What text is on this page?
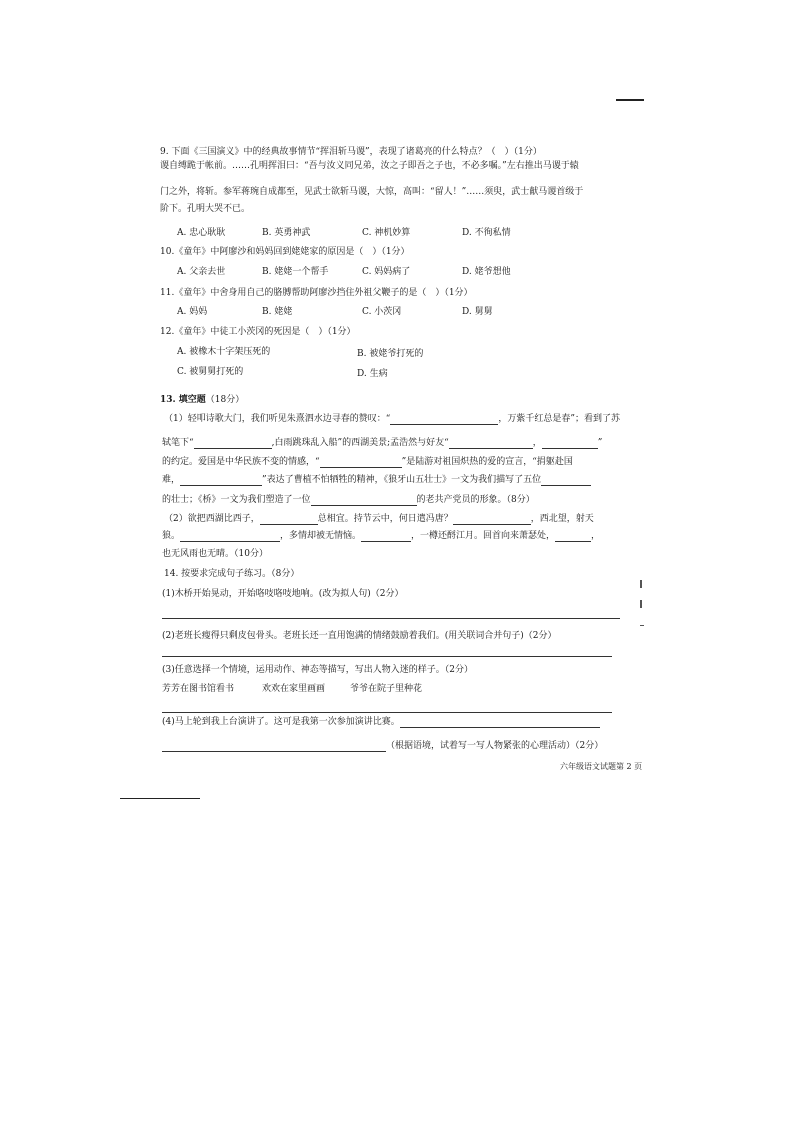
9. 下面《三国演义》中的经典故事情节“挥泪斩马谡”，表现了诸葛亮的什么特点？（　）（1分）
谡自缚跪于帐前。……孔明挥泪曰：“吾与汝义同兄弟，汝之子即吾之子也，不必多嘱。”左右推出马谡于辕
门之外，将斩。参军蒋琬自成都至，见武士欲斩马谡，大惊，高叫：“留人！”……须臾，武士献马谡首级于
阶下。孔明大哭不已。
A. 忠心耿耿	B. 英勇神武	C. 神机妙算	D. 不徇私情
10.《童年》中阿廖沙和妈妈回到姥姥家的原因是（　）（1分）
A. 父亲去世	B. 姥姥一个帮手	C. 妈妈病了	D. 姥爷想他
11.《童年》中舍身用自己的胳膊帮助阿廖沙挡住外祖父鞭子的是（　）（1分）
A. 妈妈	B. 姥姥	C. 小茨冈	D. 舅舅
12.《童年》中徒工小茨冈的死因是（　）（1分）
A. 被橡木十字架压死的	B. 被姥爷打死的
C. 被舅舅打死的	D. 生病
13. 填空题（18分）
（1）轻叩诗歌大门，我们听见朱熹泗水边寻春的赞叹：“	，万紫千红总是春”；看到了苏
轼笔下“	,白雨跳珠乱入船”的西湖美景;孟浩然与好友“	，	”
的约定。爱国是中华民族不变的情感，“	”是陆游对祖国炽热的爱的宣言，“捐躯赴国
难，	”表达了曹植不怕牺牲的精神，《狼牙山五壮士》一文为我们描写了五位
的壮士；《桥》一文为我们塑造了一位	的老共产党员的形象。（8分）
（2）欲把西湖比西子，	总相宜。持节云中，何日遣冯唐？	，西北望，射天
狼。	，多情却被无情恼。	，一樽还酹江月。回首向来萧瑟处，	，
也无风雨也无晴。（10分）
14. 按要求完成句子练习。（8分）
(1)木桥开始晃动，开始咯吱咯吱地响。(改为拟人句)（2分）
(2)老班长瘦得只剩皮包骨头。老班长还一直用饱满的情绪鼓励着我们。(用关联词合并句子)（2分）
(3)任意选择一个情境，运用动作、神态等描写，写出人物入迷的样子。（2分）
芳芳在图书馆看书	欢欢在家里画画	爷爷在院子里种花
(4)马上轮到我上台演讲了。这可是我第一次参加演讲比赛。
（根据语境，试着写一写人物紧张的心理活动）（2分）
六年级语文试题第 2 页
